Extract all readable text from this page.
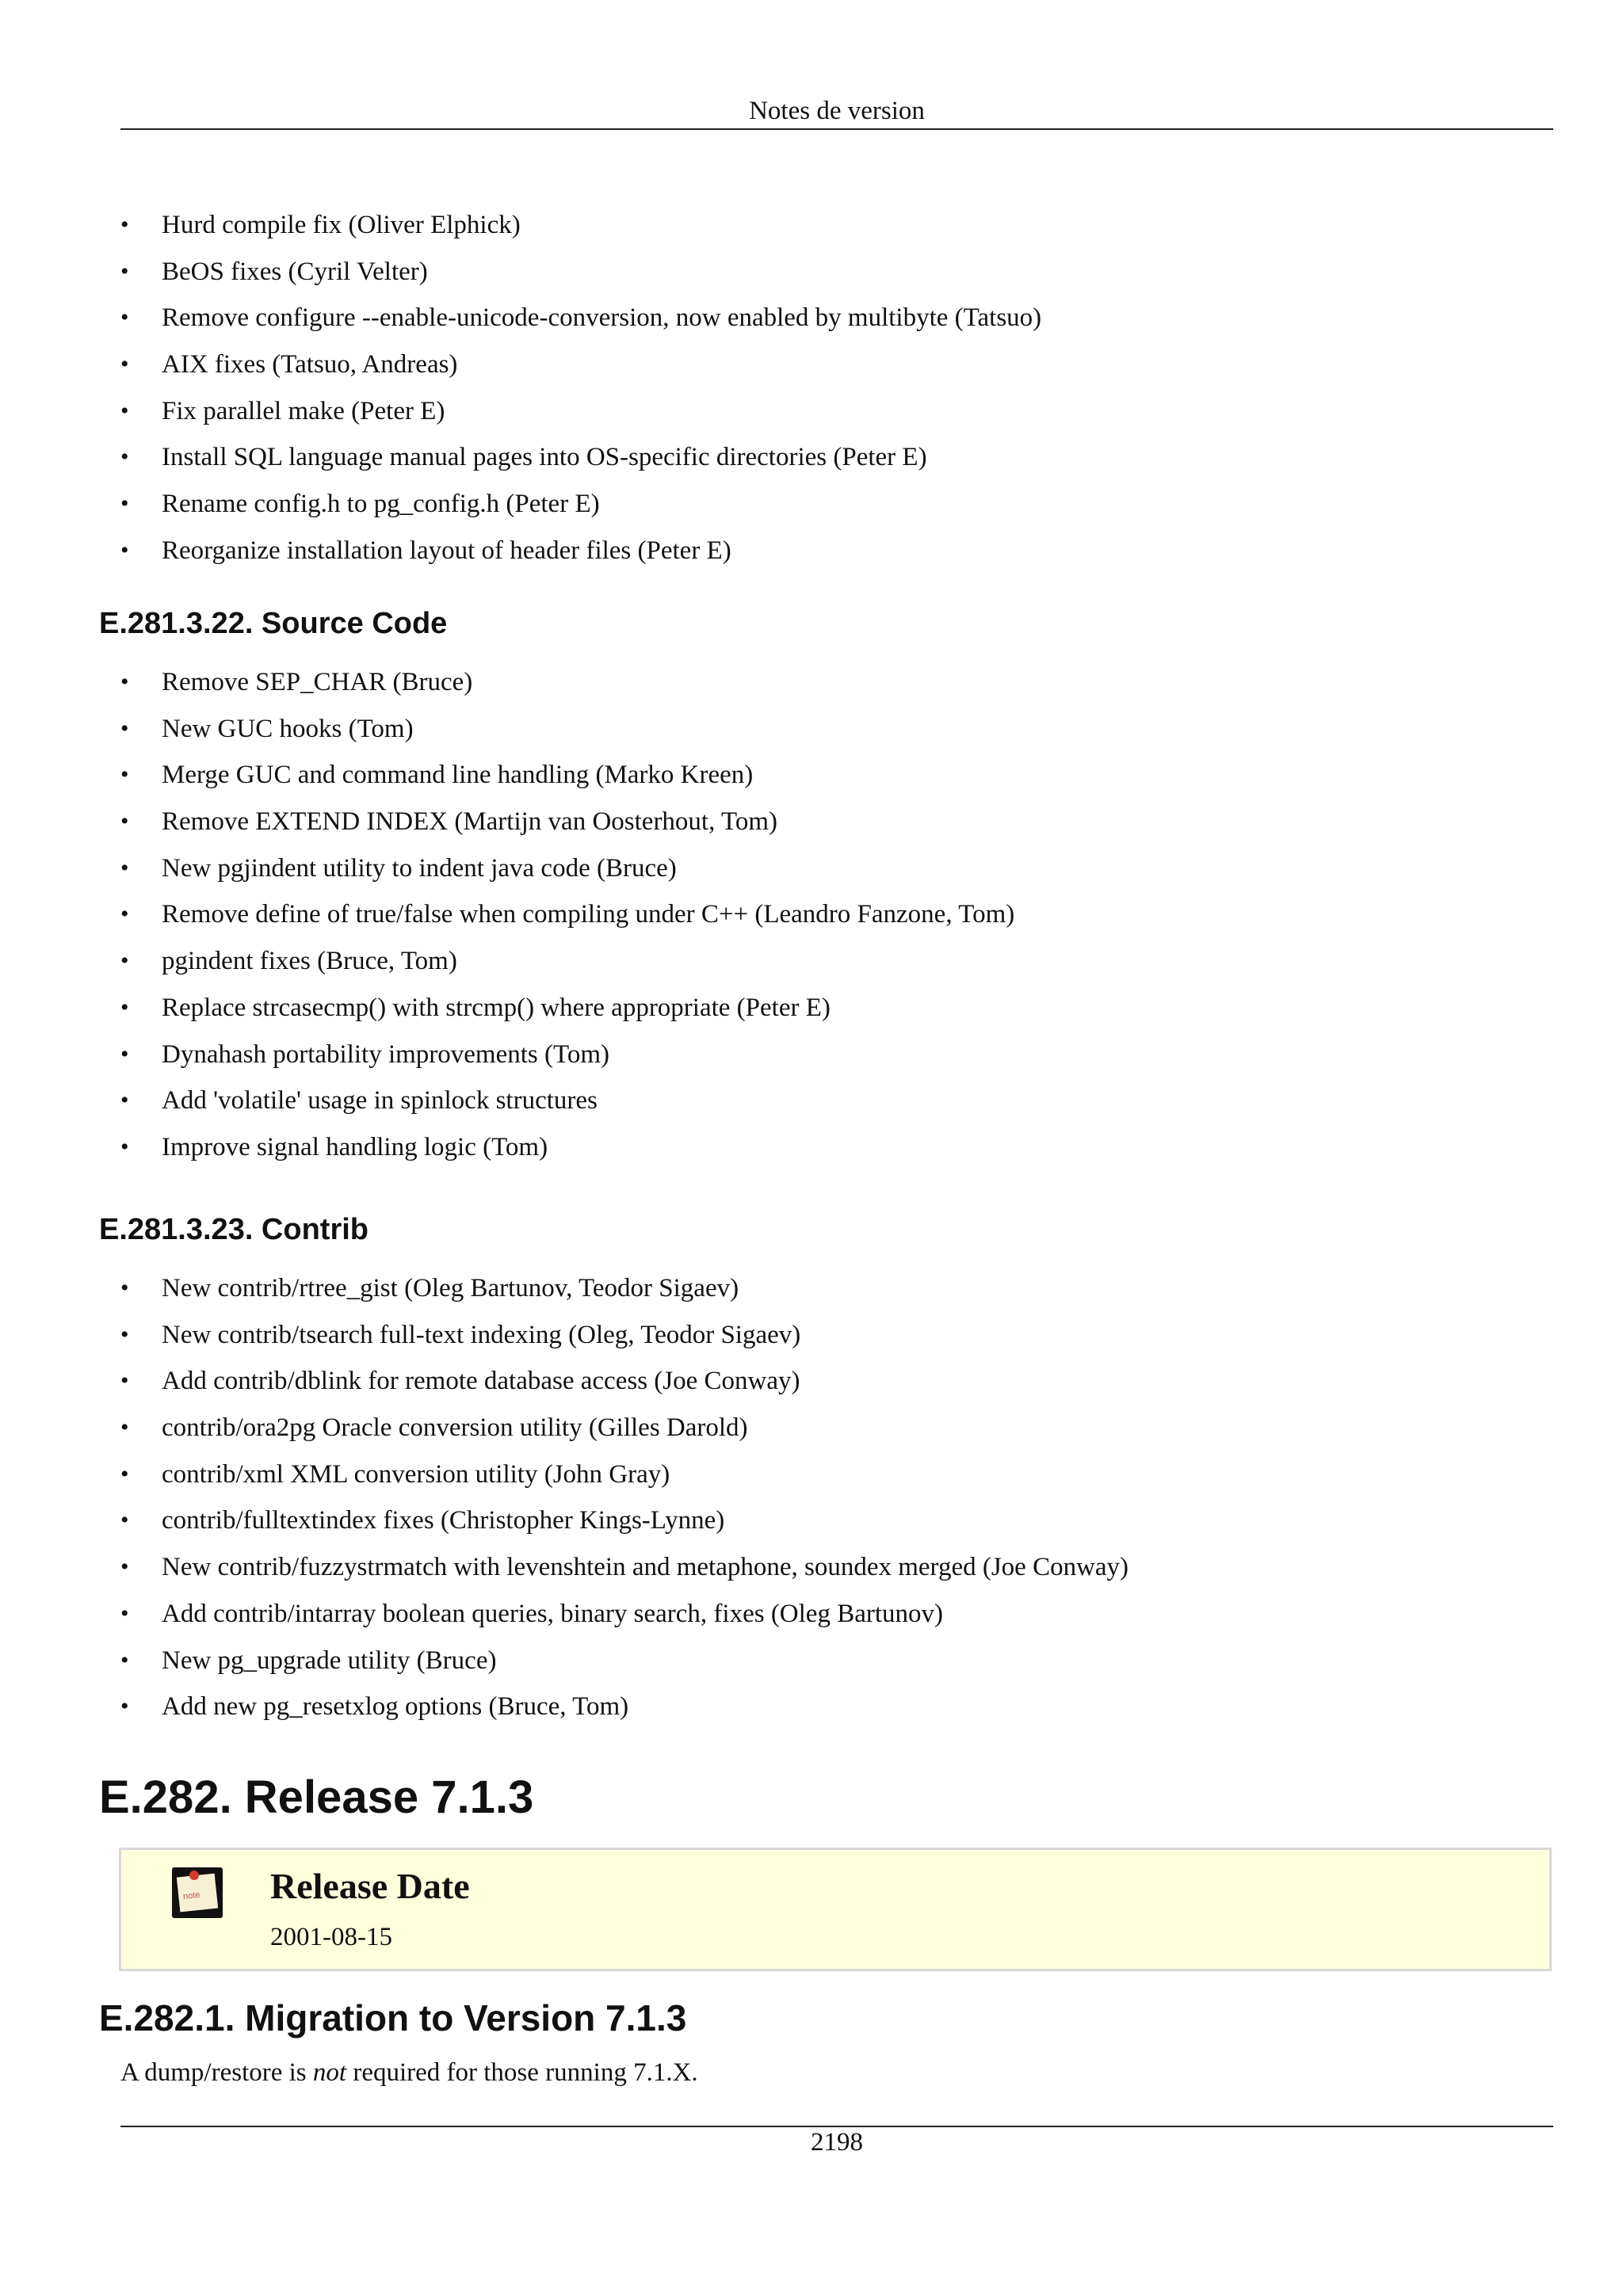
Notes de version
• Hurd compile fix (Oliver Elphick)
• BeOS fixes (Cyril Velter)
• Remove configure --enable-unicode-conversion, now enabled by multibyte (Tatsuo)
• AIX fixes (Tatsuo, Andreas)
• Fix parallel make (Peter E)
• Install SQL language manual pages into OS-specific directories (Peter E)
• Rename config.h to pg_config.h (Peter E)
• Reorganize installation layout of header files (Peter E)
E.281.3.22. Source Code
• Remove SEP_CHAR (Bruce)
• New GUC hooks (Tom)
• Merge GUC and command line handling (Marko Kreen)
• Remove EXTEND INDEX (Martijn van Oosterhout, Tom)
• New pgjindent utility to indent java code (Bruce)
• Remove define of true/false when compiling under C++ (Leandro Fanzone, Tom)
• pgindent fixes (Bruce, Tom)
• Replace strcasecmp() with strcmp() where appropriate (Peter E)
• Dynahash portability improvements (Tom)
• Add 'volatile' usage in spinlock structures
• Improve signal handling logic (Tom)
E.281.3.23. Contrib
• New contrib/rtree_gist (Oleg Bartunov, Teodor Sigaev)
• New contrib/tsearch full-text indexing (Oleg, Teodor Sigaev)
• Add contrib/dblink for remote database access (Joe Conway)
• contrib/ora2pg Oracle conversion utility (Gilles Darold)
• contrib/xml XML conversion utility (John Gray)
• contrib/fulltextindex fixes (Christopher Kings-Lynne)
• New contrib/fuzzystrmatch with levenshtein and metaphone, soundex merged (Joe Conway)
• Add contrib/intarray boolean queries, binary search, fixes (Oleg Bartunov)
• New pg_upgrade utility (Bruce)
• Add new pg_resetxlog options (Bruce, Tom)
E.282. Release 7.1.3
note Release Date
2001-08-15
E.282.1. Migration to Version 7.1.3

A dump/restore is not required for those running 7.1.X.

2198
